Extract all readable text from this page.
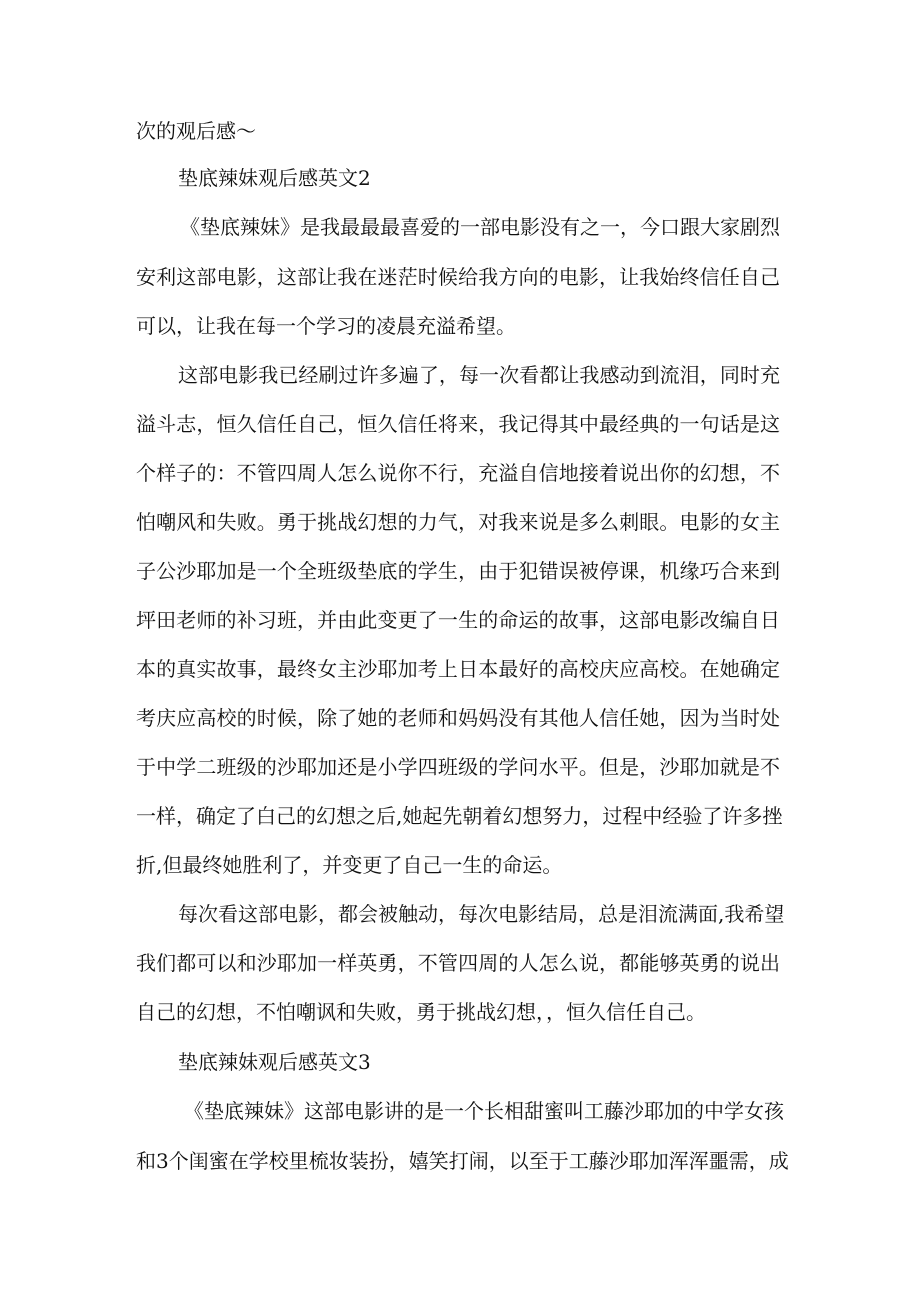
次的观后感～

垫底辣妹观后感英文2

《垫底辣妹》是我最最最喜爱的一部电影没有之一，今口跟大家剧烈

安利这部电影，这部让我在迷茫时候给我方向的电影，让我始终信任自己

可以，让我在每一个学习的凌晨充溢希望。

这部电影我已经刷过许多遍了，每一次看都让我感动到流泪，同时充

溢斗志，恒久信任自己，恒久信任将来，我记得其中最经典的一句话是这

个样子的：不管四周人怎么说你不行，充溢自信地接着说出你的幻想，不

怕嘲风和失败。勇于挑战幻想的力气，对我来说是多么刺眼。电影的女主

子公沙耶加是一个全班级垫底的学生，由于犯错误被停课，机缘巧合来到

坪田老师的补习班，并由此变更了一生的命运的故事，这部电影改编自日

本的真实故事，最终女主沙耶加考上日本最好的高校庆应高校。在她确定

考庆应高校的时候，除了她的老师和妈妈没有其他人信任她，因为当时处

于中学二班级的沙耶加还是小学四班级的学问水平。但是，沙耶加就是不

一样，确定了白己的幻想之后,她起先朝着幻想努力，过程中经验了许多挫

折,但最终她胜利了，并变更了自己一生的命运。

每次看这部电影，都会被触动，每次电影结局，总是泪流满面,我希望

我们都可以和沙耶加一样英勇，不管四周的人怎么说，都能够英勇的说出

自己的幻想，不怕嘲讽和失败，勇于挑战幻想，，恒久信任自己。

垫底辣妹观后感英文3

《垫底辣妹》这部电影讲的是一个长相甜蜜叫工藤沙耶加的中学女孩

和3个闺蜜在学校里梳妆装扮，嬉笑打闹，以至于工藤沙耶加浑浑噩需，成
